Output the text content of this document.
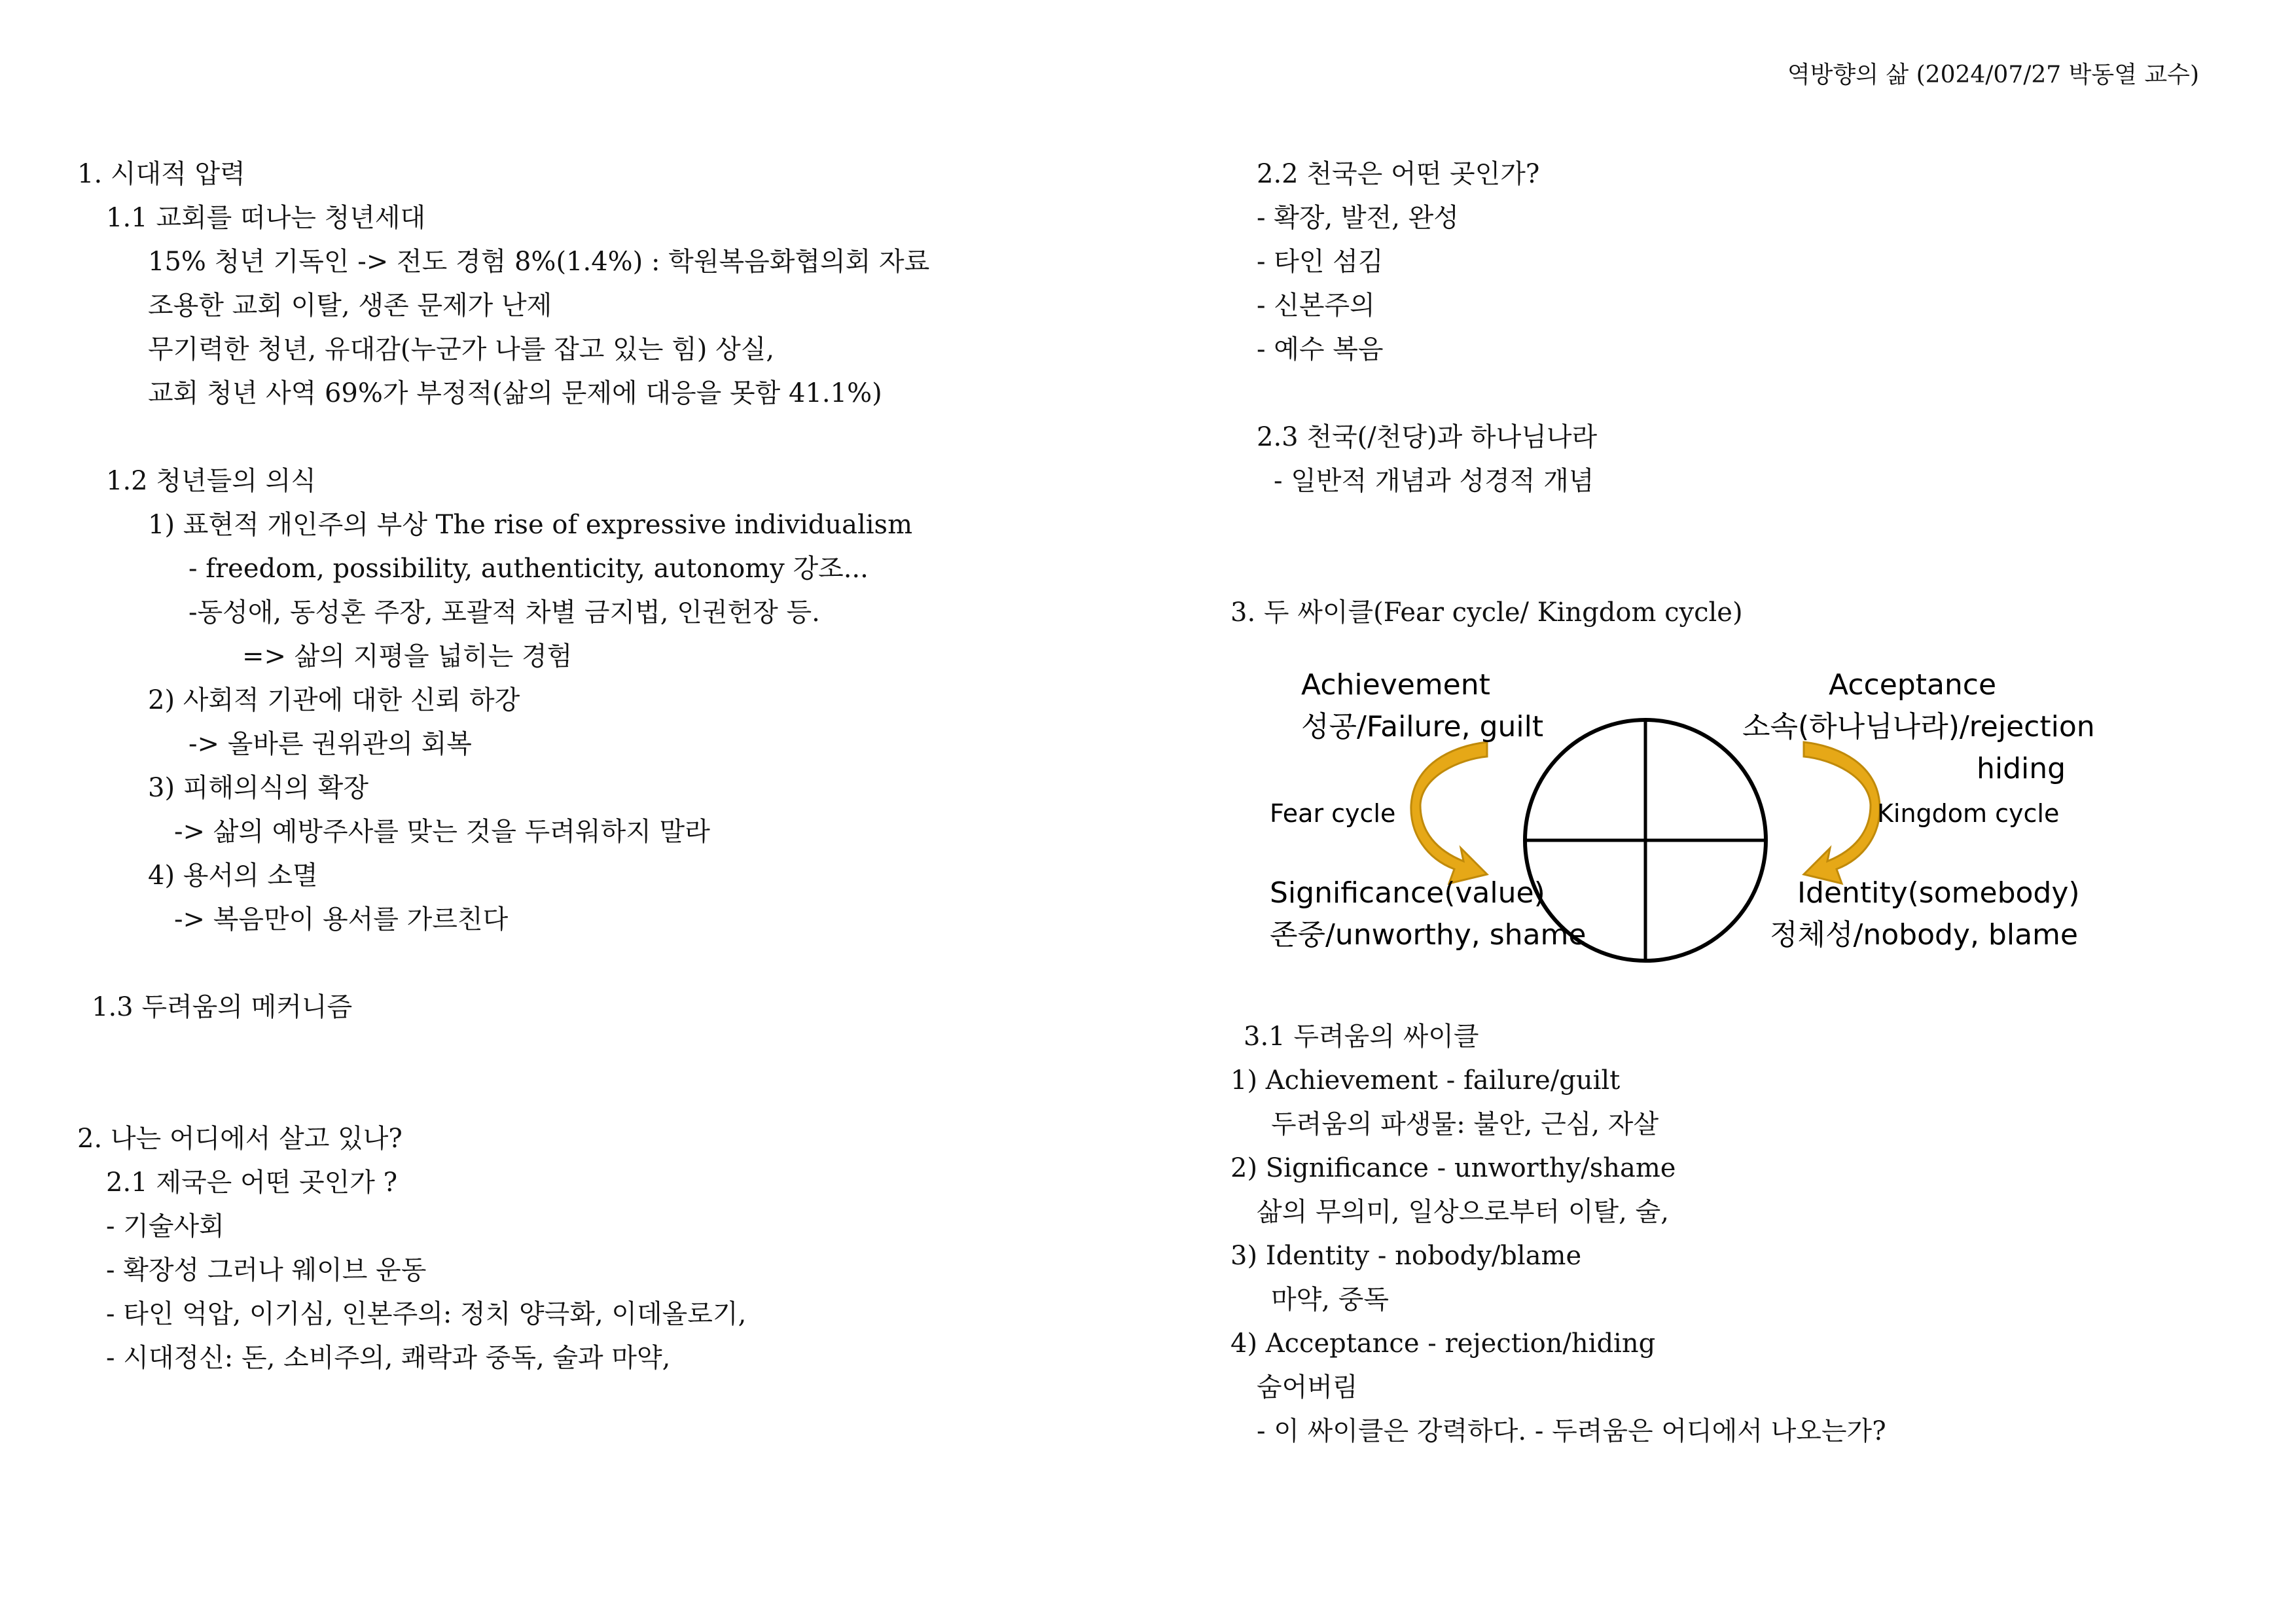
역방향의 삶 (2024/07/27 박동열 교수)
1. 시대적 압력
1.1 교회를 떠나는 청년세대
15% 청년 기독인 -> 전도 경험 8%(1.4%) : 학원복음화협의회 자료
조용한 교회 이탈, 생존 문제가 난제
무기력한 청년, 유대감(누군가 나를 잡고 있는 힘) 상실,
교회 청년 사역 69%가 부정적(삶의 문제에 대응을 못함 41.1%)
1.2 청년들의 의식
1) 표현적 개인주의 부상 The rise of expressive individualism
- freedom, possibility, authenticity, autonomy 강조...
-동성애, 동성혼 주장, 포괄적 차별 금지법, 인권헌장 등.
=> 삶의 지평을 넓히는 경험
2) 사회적 기관에 대한 신뢰 하강
-> 올바른 권위관의 회복
3) 피해의식의 확장
-> 삶의 예방주사를 맞는 것을 두려워하지 말라
4) 용서의 소멸
-> 복음만이 용서를 가르친다
1.3 두려움의 메커니즘
2. 나는 어디에서 살고 있나?
2.1 제국은 어떤 곳인가 ?
- 기술사회
- 확장성 그러나 웨이브 운동
- 타인 억압, 이기심, 인본주의: 정치 양극화, 이데올로기,
- 시대정신: 돈, 소비주의, 쾌락과 중독, 술과 마약,
2.2 천국은 어떤 곳인가?
- 확장, 발전, 완성
- 타인 섬김
- 신본주의
- 예수 복음
2.3 천국(/천당)과 하나님나라
- 일반적 개념과 성경적 개념
3. 두 싸이클(Fear cycle/ Kingdom cycle)
Achievement
성공/Failure, guilt
Acceptance
소속(하나님나라)/rejection
hiding
Fear cycle	Kingdom cycle
Significance(value)
존중/unworthy, shame
Identity(somebody)
정체성/nobody, blame
3.1 두려움의 싸이클
1) Achievement - failure/guilt
두려움의 파생물: 불안, 근심, 자살
2) Significance - unworthy/shame
삶의 무의미, 일상으로부터 이탈, 술,
3) Identity - nobody/blame
마약, 중독
4) Acceptance - rejection/hiding
숨어버림
- 이 싸이클은 강력하다. - 두려움은 어디에서 나오는가?
